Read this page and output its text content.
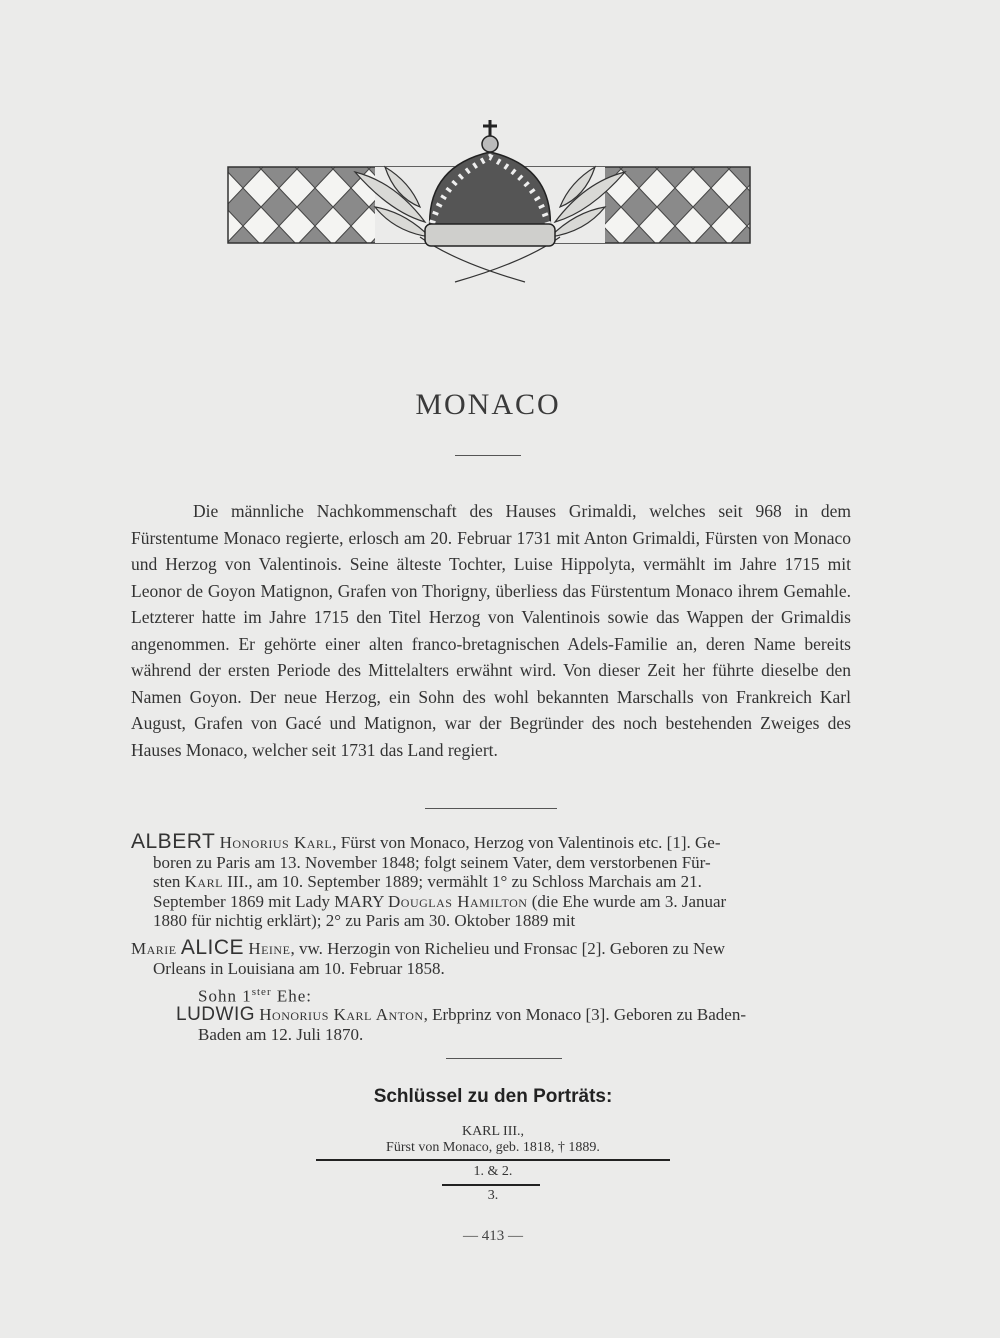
MONACO

Die männliche Nachkommenschaft des Hauses Grimaldi, welches seit 968 in dem Fürstentume Monaco regierte, erlosch am 20. Februar 1731 mit Anton Grimaldi, Fürsten von Monaco und Herzog von Valentinois. Seine älteste Tochter, Luise Hippolyta, vermählt im Jahre 1715 mit Leonor de Goyon Matignon, Grafen von Thorigny, überliess das Fürstentum Monaco ihrem Gemahle. Letzterer hatte im Jahre 1715 den Titel Herzog von Valentinois sowie das Wappen der Grimaldis angenommen. Er gehörte einer alten franco-bretagnischen Adels-Familie an, deren Name bereits während der ersten Periode des Mittelalters erwähnt wird. Von dieser Zeit her führte dieselbe den Namen Goyon. Der neue Herzog, ein Sohn des wohl bekannten Marschalls von Frankreich Karl August, Grafen von Gacé und Matignon, war der Begründer des noch bestehenden Zweiges des Hauses Monaco, welcher seit 1731 das Land regiert.

ALBERT Honorius Karl, Fürst von Monaco, Herzog von Valentinois etc. [1]. Ge-
boren zu Paris am 13. November 1848; folgt seinem Vater, dem verstorbenen Für-
sten Karl III., am 10. September 1889; vermählt 1° zu Schloss Marchais am 21.
September 1869 mit Lady MARY Douglas Hamilton (die Ehe wurde am 3. Januar
1880 für nichtig erklärt); 2° zu Paris am 30. Oktober 1889 mit
Marie ALICE Heine, vw. Herzogin von Richelieu und Fronsac [2]. Geboren zu New
Orleans in Louisiana am 10. Februar 1858.
Sohn $1^{ster}$ Ehe:
LUDWIG Honorius Karl Anton, Erbprinz von Monaco [3]. Geboren zu Baden-
Baden am 12. Juli 1870.
Schlüssel zu den Porträts:
KARL III.,
Fürst von Monaco, geb. 1818, † 1889.
1. & 2.
3.
— 413 —
